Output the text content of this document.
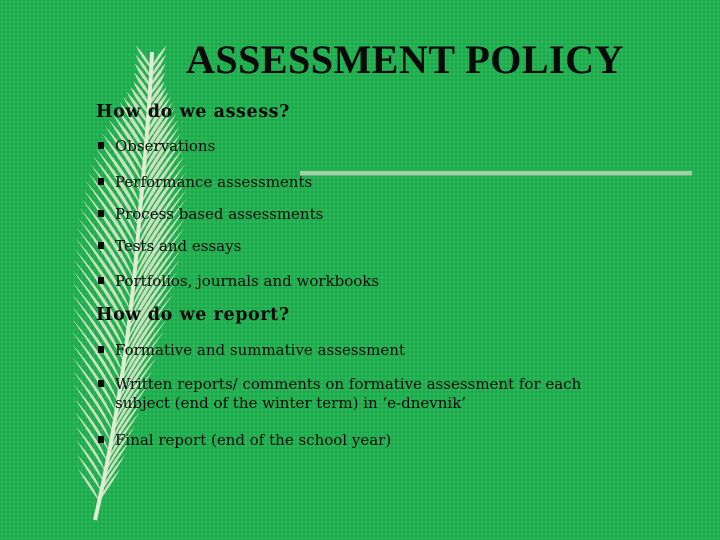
ASSESSMENT POLICY
How do we assess?
Observations
Performance assessments
Process based assessments
Tests and essays
Portfolios, journals and workbooks
How do we report?
Formative and summative assessment
Written reports/ comments on formative assessment for each subject (end of the winter term) in ‘e-dnevnik’
Final report (end of the school year)
